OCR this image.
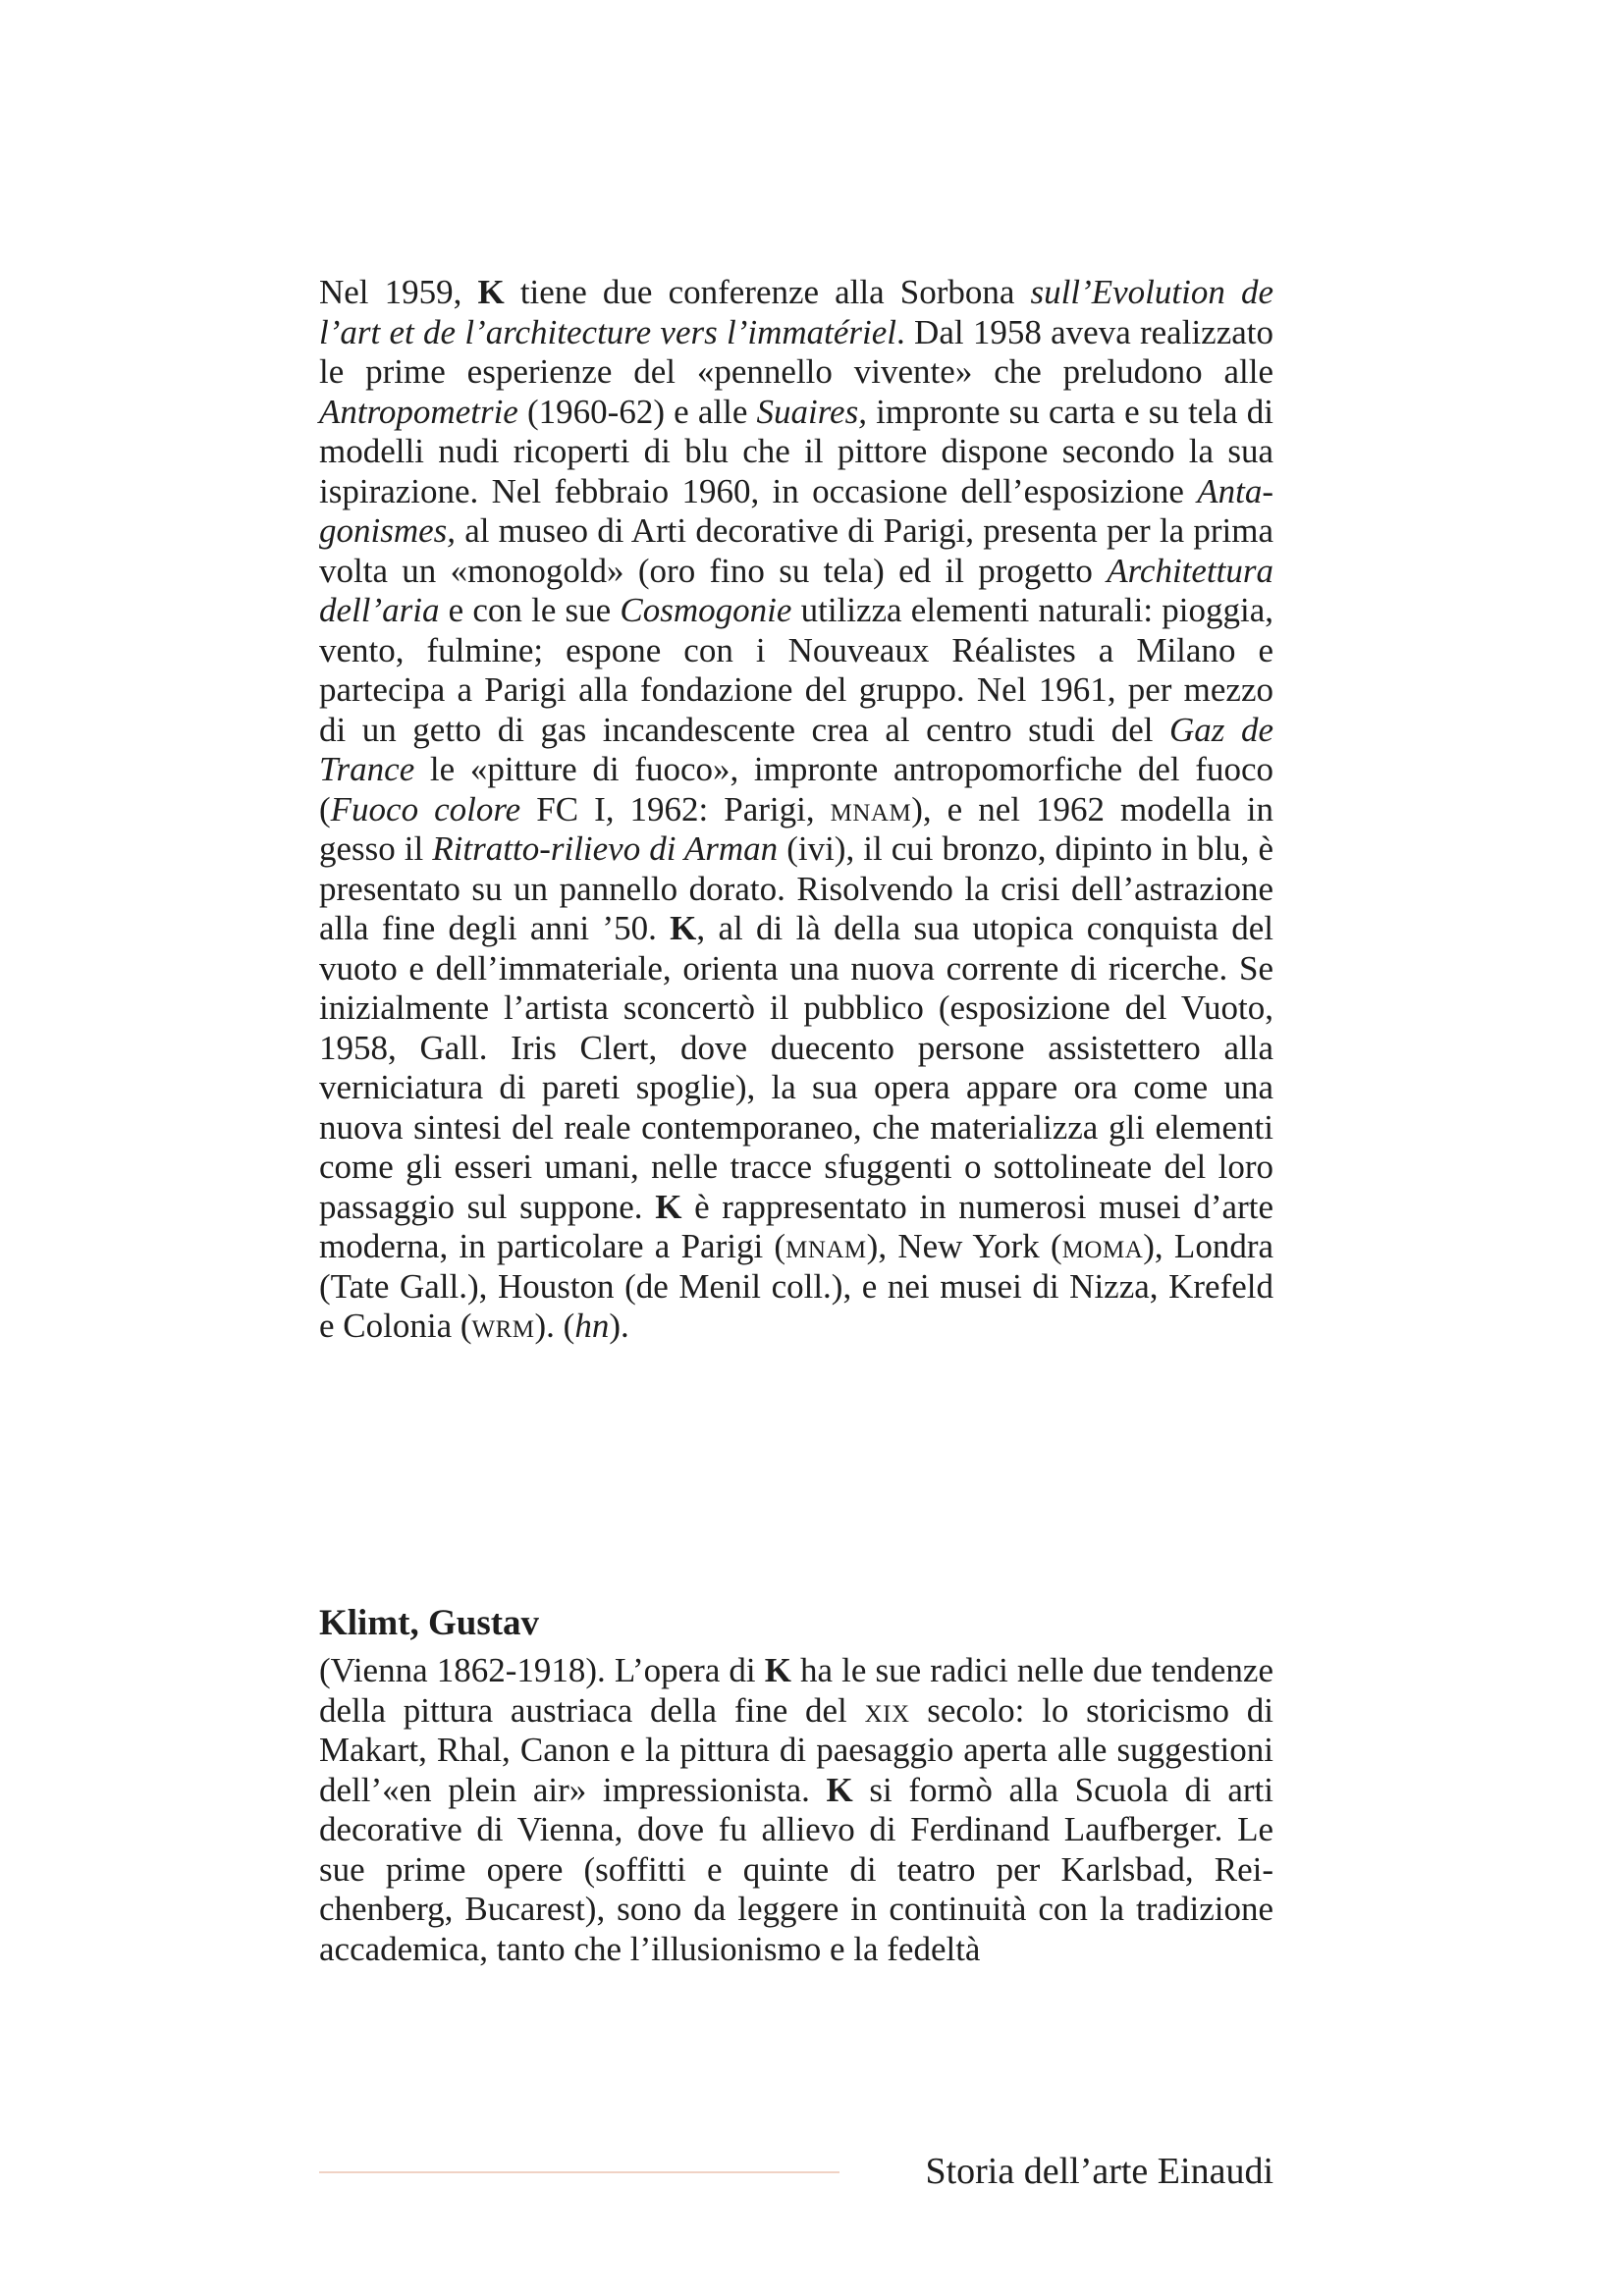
Nel 1959, K tiene due conferenze alla Sorbona sull’Evolution de l’art et de l’architecture vers l’immatériel. Dal 1958 aveva realizzato le prime esperienze del «pennello vivente» che preludono alle Antropometrie (1960-62) e alle Suaires, impronte su carta e su tela di modelli nudi ricoperti di blu che il pittore dispone secondo la sua ispirazione. Nel febbraio 1960, in occasione dell’esposizione Antagonismes, al museo di Arti decorative di Parigi, presenta per la prima volta un «monogold» (oro fino su tela) ed il progetto Architettura dell’aria e con le sue Cosmogonie utilizza elementi naturali: pioggia, vento, fulmine; espone con i Nouveaux Réalistes a Milano e partecipa a Parigi alla fondazione del gruppo. Nel 1961, per mezzo di un getto di gas incandescente crea al centro studi del Gaz de Trance le «pitture di fuoco», impronte antropomorfiche del fuoco (Fuoco colore FC I, 1962: Parigi, mnam), e nel 1962 modella in gesso il Ritratto-rilievo di Arman (ivi), il cui bronzo, dipinto in blu, è presentato su un pannello dorato. Risolvendo la crisi dell’astrazione alla fine degli anni ’50. K, al di là della sua utopica conquista del vuoto e dell’immateriale, orienta una nuova corrente di ricerche. Se inizialmente l’artista sconcertò il pubblico (esposizione del Vuoto, 1958, Gall. Iris Clert, dove duecento persone assistettero alla verniciatura di pareti spoglie), la sua opera appare ora come una nuova sintesi del reale contemporaneo, che materializza gli elementi come gli esseri umani, nelle tracce sfuggenti o sottolineate del loro passaggio sul suppone. K è rappresentato in numerosi musei d’arte moderna, in particolare a Parigi (mnam), New York (moma), Londra (Tate Gall.), Houston (de Menil coll.), e nei musei di Nizza, Krefeld e Colonia (wrm). (hn).
Klimt, Gustav
(Vienna 1862-1918). L’opera di K ha le sue radici nelle due tendenze della pittura austriaca della fine del xix secolo: lo storicismo di Makart, Rhal, Canon e la pittura di paesaggio aperta alle suggestioni dell’«en plein air» impressionista. K si formò alla Scuola di arti decorative di Vienna, dove fu allievo di Ferdinand Laufberger. Le sue prime opere (soffitti e quinte di teatro per Karlsbad, Reichenberg, Bucarest), sono da leggere in continuità con la tradizione accademica, tanto che l’illusionismo e la fedeltà
Storia dell’arte Einaudi
